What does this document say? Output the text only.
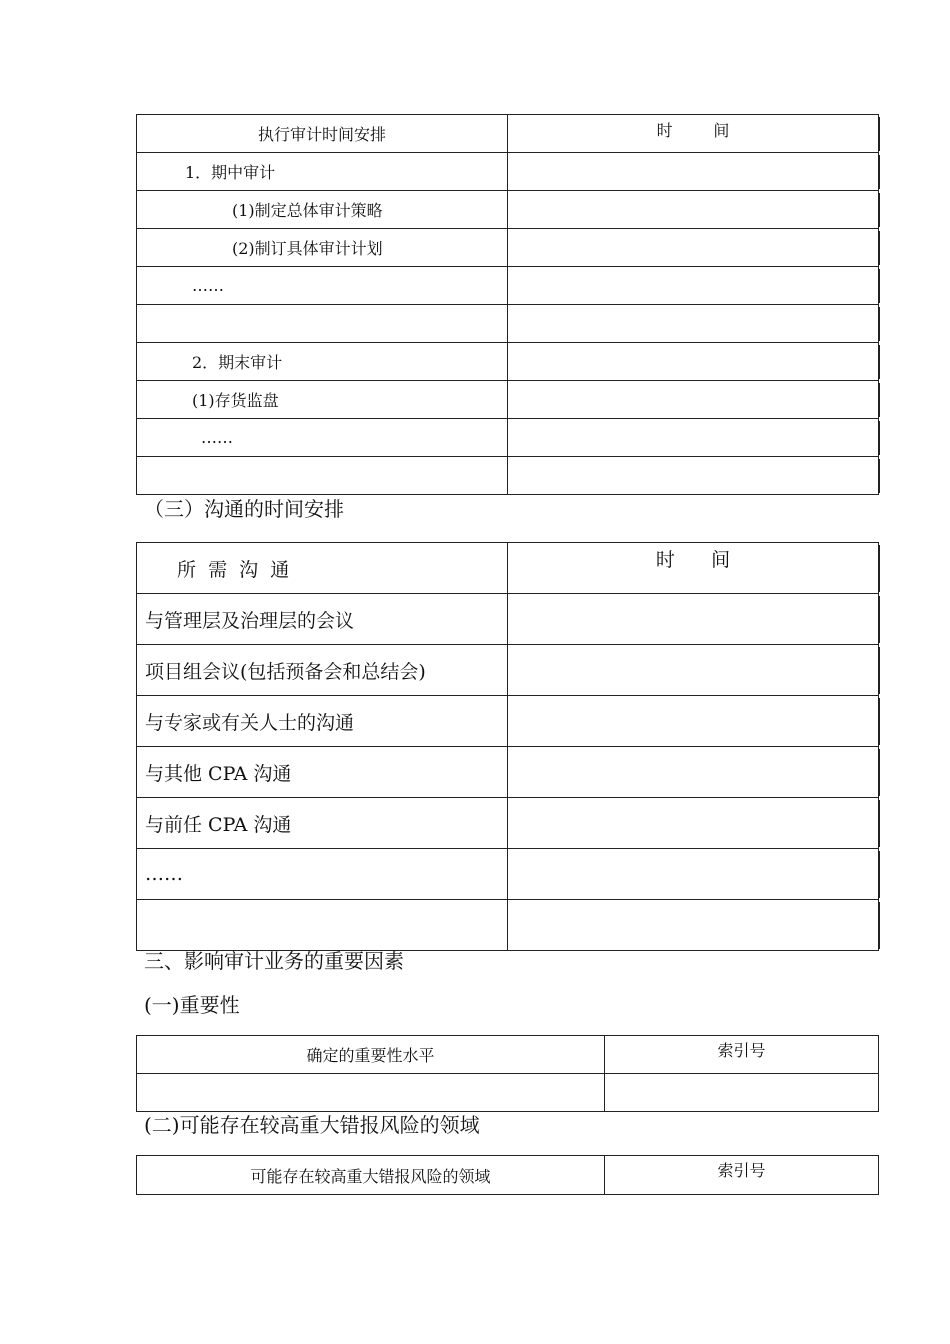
执行审计时间安排	时        间
1．期中审计	
(1)制定总体审计策略	
(2)制订具体审计计划	
……	

2．期末审计	
(1)存货监盘	
……	

（三）沟通的时间安排
所  需  沟  通	时      间
与管理层及治理层的会议	
项目组会议(包括预备会和总结会)	
与专家或有关人士的沟通	
与其他 CPA 沟通	
与前任 CPA 沟通	
……	

三、影响审计业务的重要因素
(一)重要性
确定的重要性水平	索引号

(二)可能存在较高重大错报风险的领域
可能存在较高重大错报风险的领域	索引号
